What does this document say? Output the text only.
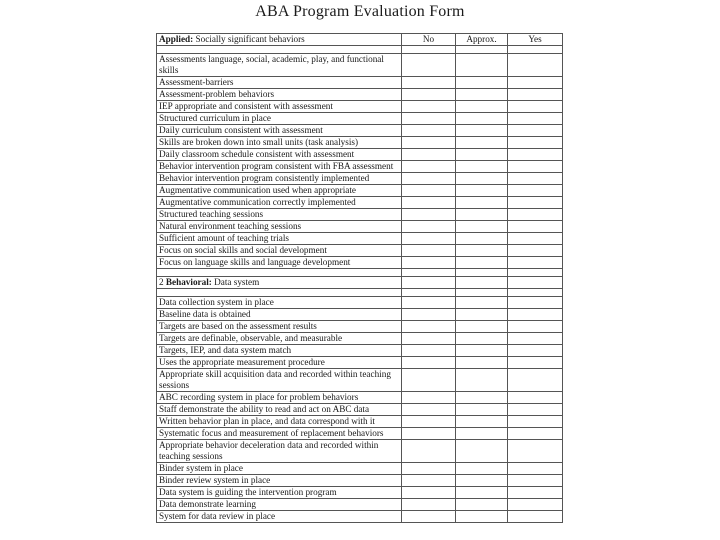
ABA Program Evaluation Form
Applied: Socially significant behaviors	No	Approx.	Yes

Assessments language, social, academic, play, and functional skills			
Assessment-barriers			
Assessment-problem behaviors			
IEP appropriate and consistent with assessment			
Structured curriculum in place			
Daily curriculum consistent with assessment			
Skills are broken down into small units (task analysis)			
Daily classroom schedule consistent with assessment			
Behavior intervention program consistent with FBA assessment			
Behavior intervention program consistently implemented			
Augmentative communication used when appropriate			
Augmentative communication correctly implemented			
Structured teaching sessions			
Natural environment teaching sessions			
Sufficient amount of teaching trials			
Focus on social skills and social development			
Focus on language skills and language development			

2 Behavioral: Data system			

Data collection system in place			
Baseline data is obtained			
Targets are based on the assessment results			
Targets are definable, observable, and measurable			
Targets, IEP, and data system match			
Uses the appropriate measurement procedure			
Appropriate skill acquisition data and recorded within teaching sessions			
ABC recording system in place for problem behaviors			
Staff demonstrate the ability to read and act on ABC data			
Written behavior plan in place, and data correspond with it			
Systematic focus and measurement of replacement behaviors			
Appropriate behavior deceleration data and recorded within teaching sessions			
Binder system in place			
Binder review system in place			
Data system is guiding the intervention program			
Data demonstrate learning			
System for data review in place			
